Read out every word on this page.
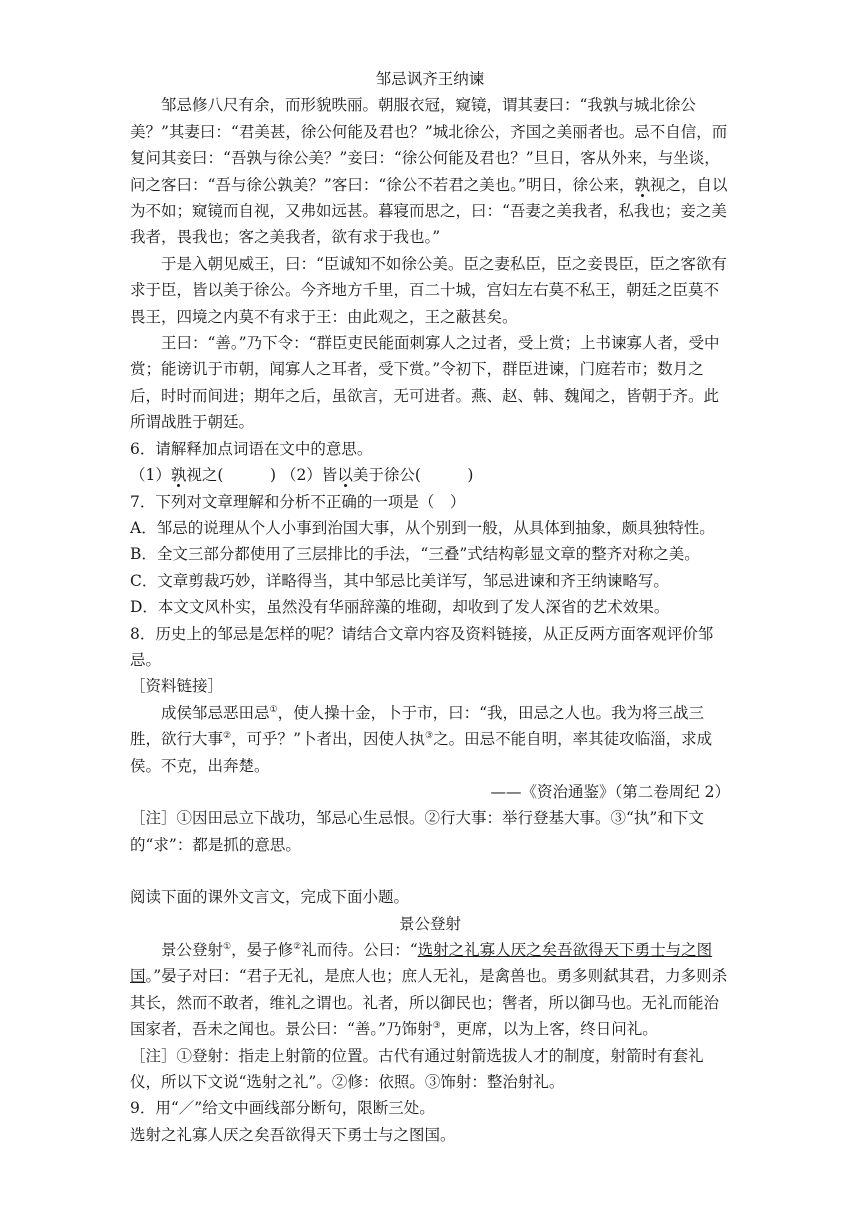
邹忌讽齐王纳谏

邹忌修八尺有余，而形貌昳丽。朝服衣冠，窥镜，谓其妻曰：“我孰与城北徐公美？”其妻曰：“君美甚，徐公何能及君也？”城北徐公，齐国之美丽者也。忌不自信，而复问其妾曰：“吾孰与徐公美？”妾曰：“徐公何能及君也？”旦日，客从外来，与坐谈，问之客曰：“吾与徐公孰美？”客曰：“徐公不若君之美也。”明日，徐公来，孰视之，自以为不如；窥镜而自视，又弗如远甚。暮寝而思之，曰：“吾妻之美我者，私我也；妾之美我者，畏我也；客之美我者，欲有求于我也。”

于是入朝见威王，曰：“臣诚知不如徐公美。臣之妻私臣，臣之妾畏臣，臣之客欲有求于臣，皆以美于徐公。今齐地方千里，百二十城，宫妇左右莫不私王，朝廷之臣莫不畏王，四境之内莫不有求于王：由此观之，王之蔽甚矣。

王曰：“善。”乃下令：“群臣吏民能面刺寡人之过者，受上赏；上书谏寡人者，受中赏；能谤讥于市朝，闻寡人之耳者，受下赏。”令初下，群臣进谏，门庭若市；数月之后，时时而间进；期年之后，虽欲言，无可进者。燕、赵、韩、魏闻之，皆朝于齐。此所谓战胜于朝廷。

6．请解释加点词语在文中的意思。

（1）孰视之(　　　) （2）皆以美于徐公(　　　)

7．下列对文章理解和分析不正确的一项是（　）

A．邹忌的说理从个人小事到治国大事，从个别到一般，从具体到抽象，颇具独特性。

B．全文三部分都使用了三层排比的手法，“三叠”式结构彰显文章的整齐对称之美。

C．文章剪裁巧妙，详略得当，其中邹忌比美详写，邹忌进谏和齐王纳谏略写。

D．本文文风朴实，虽然没有华丽辞藻的堆砌，却收到了发人深省的艺术效果。

8．历史上的邹忌是怎样的呢？请结合文章内容及资料链接，从正反两方面客观评价邹忌。

［资料链接］

成侯邹忌恶田忌①，使人操十金，卜于市，曰：“我，田忌之人也。我为将三战三胜，欲行大事②，可乎？”卜者出，因使人执③之。田忌不能自明，率其徒攻临淄，求成侯。不克，出奔楚。

——《资治通鉴》（第二卷周纪 2）

［注］①因田忌立下战功，邹忌心生忌恨。②行大事：举行登基大事。③“执”和下文的“求”：都是抓的意思。

阅读下面的课外文言文，完成下面小题。

景公登射

景公登射①，晏子修②礼而待。公曰：“选射之礼寡人厌之矣吾欲得天下勇士与之图国。”晏子对曰：“君子无礼，是庶人也；庶人无礼，是禽兽也。勇多则弑其君，力多则杀其长，然而不敢者，维礼之谓也。礼者，所以御民也；辔者，所以御马也。无礼而能治国家者，吾未之闻也。景公曰：“善。”乃饰射③，更席，以为上客，终日问礼。

［注］①登射：指走上射箭的位置。古代有通过射箭选拔人才的制度，射箭时有套礼仪，所以下文说“选射之礼”。②修：依照。③饰射：整治射礼。

9．用“／”给文中画线部分断句，限断三处。

选射之礼寡人厌之矣吾欲得天下勇士与之图国。
